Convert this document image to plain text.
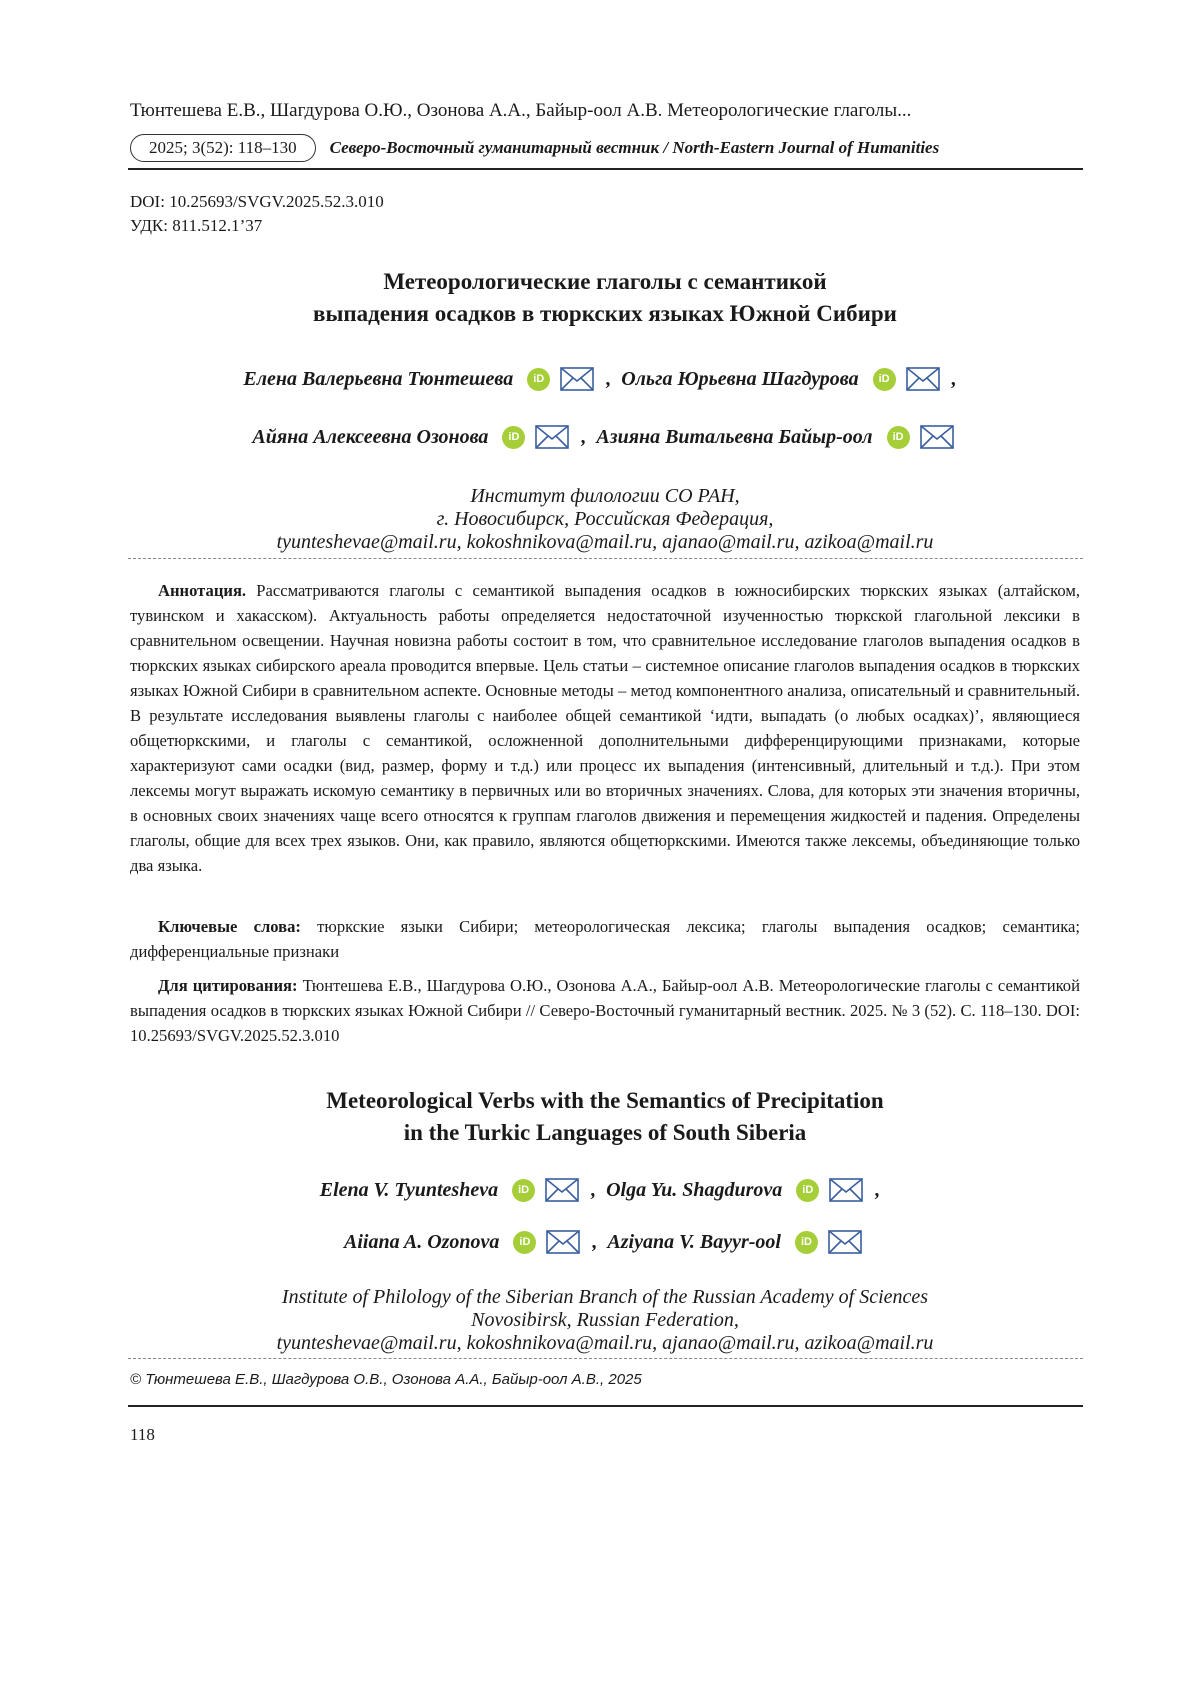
Тюнтешева Е.В., Шагдурова О.Ю., Озонова А.А., Байыр-оол А.В. Метеорологические глаголы...
2025; 3(52): 118–130	Северо-Восточный гуманитарный вестник / North-Eastern Journal of Humanities
DOI: 10.25693/SVGV.2025.52.3.010
УДК: 811.512.1’37
Метеорологические глаголы с семантикой
выпадения осадков в тюркских языках Южной Сибири
Елена Валерьевна Тюнтешева	iD	, Ольга Юрьевна Шагдурова	iD	,
Айяна Алексеевна Озонова	iD	, Азияна Витальевна Байыр-оол	iD
Институт филологии СО РАН,
г. Новосибирск, Российская Федерация,
tyunteshevae@mail.ru, kokoshnikova@mail.ru, ajanao@mail.ru, azikoa@mail.ru
Аннотация. Рассматриваются глаголы с семантикой выпадения осадков в южносибирских тюркских языках (алтайском, тувинском и хакасском). Актуальность работы определяется недостаточной изученностью тюркской глагольной лексики в сравнительном освещении. Научная новизна работы состоит в том, что сравнительное исследование глаголов выпадения осадков в тюркских языках сибирского ареала проводится впервые. Цель статьи – системное описание глаголов выпадения осадков в тюркских языках Южной Сибири в сравнительном аспекте. Основные методы – метод компонентного анализа, описательный и сравнительный. В результате исследования выявлены глаголы с наиболее общей семантикой ‘идти, выпадать (о любых осадках)’, являющиеся общетюркскими, и глаголы с семантикой, осложненной дополнительными дифференцирующими признаками, которые характеризуют сами осадки (вид, размер, форму и т.д.) или процесс их выпадения (интенсивный, длительный и т.д.). При этом лексемы могут выражать искомую семантику в первичных или во вторичных значениях. Слова, для которых эти значения вторичны, в основных своих значениях чаще всего относятся к группам глаголов движения и перемещения жидкостей и падения. Определены глаголы, общие для всех трех языков. Они, как правило, являются общетюркскими. Имеются также лексемы, объединяющие только два языка.
Ключевые слова: тюркские языки Сибири; метеорологическая лексика; глаголы выпадения осадков; семантика; дифференциальные признаки
Для цитирования: Тюнтешева Е.В., Шагдурова О.Ю., Озонова А.А., Байыр-оол А.В. Метеорологические глаголы с семантикой выпадения осадков в тюркских языках Южной Сибири // Северо-Восточный гуманитарный вестник. 2025. № 3 (52). С. 118–130. DOI: 10.25693/SVGV.2025.52.3.010
Meteorological Verbs with the Semantics of Precipitation
in the Turkic Languages of South Siberia
Elena V. Tyuntesheva	iD	, Olga Yu. Shagdurova	iD	,
Aiiana A. Ozonova	iD	, Aziyana V. Bayyr-ool	iD
Institute of Philology of the Siberian Branch of the Russian Academy of Sciences
Novosibirsk, Russian Federation,
tyunteshevae@mail.ru, kokoshnikova@mail.ru, ajanao@mail.ru, azikoa@mail.ru
© Тюнтешева Е.В., Шагдурова О.В., Озонова А.А., Байыр-оол А.В., 2025
118
